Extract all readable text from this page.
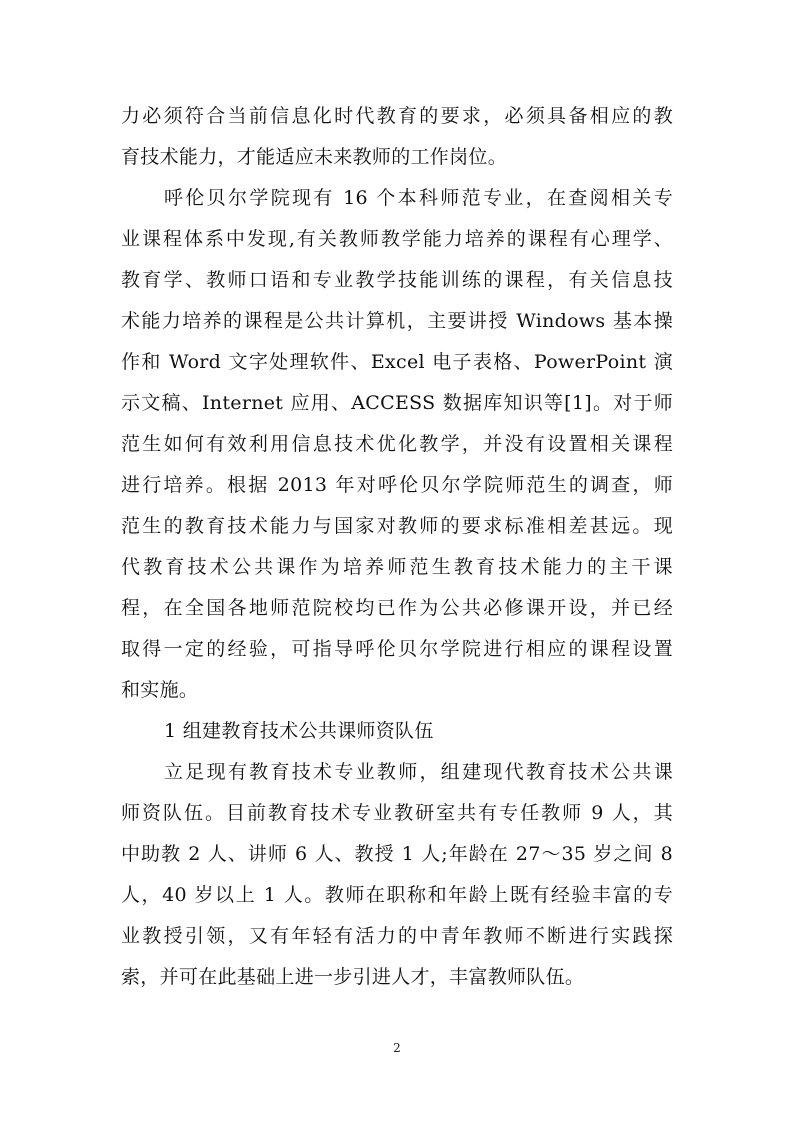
力必须符合当前信息化时代教育的要求，必须具备相应的教
育技术能力，才能适应未来教师的工作岗位。
呼伦贝尔学院现有 16 个本科师范专业，在查阅相关专
业课程体系中发现,有关教师教学能力培养的课程有心理学、
教育学、教师口语和专业教学技能训练的课程，有关信息技
术能力培养的课程是公共计算机，主要讲授 Windows 基本操
作和 Word 文字处理软件、Excel 电子表格、PowerPoint 演
示文稿、Internet 应用、ACCESS 数据库知识等[1]。对于师
范生如何有效利用信息技术优化教学，并没有设置相关课程
进行培养。根据 2013 年对呼伦贝尔学院师范生的调查，师
范生的教育技术能力与国家对教师的要求标准相差甚远。现
代教育技术公共课作为培养师范生教育技术能力的主干课
程，在全国各地师范院校均已作为公共必修课开设，并已经
取得一定的经验，可指导呼伦贝尔学院进行相应的课程设置
和实施。
1 组建教育技术公共课师资队伍
立足现有教育技术专业教师，组建现代教育技术公共课
师资队伍。目前教育技术专业教研室共有专任教师 9 人，其
中助教 2 人、讲师 6 人、教授 1 人;年龄在 27～35 岁之间 8
人，40 岁以上 1 人。教师在职称和年龄上既有经验丰富的专
业教授引领，又有年轻有活力的中青年教师不断进行实践探
索，并可在此基础上进一步引进人才，丰富教师队伍。
2
